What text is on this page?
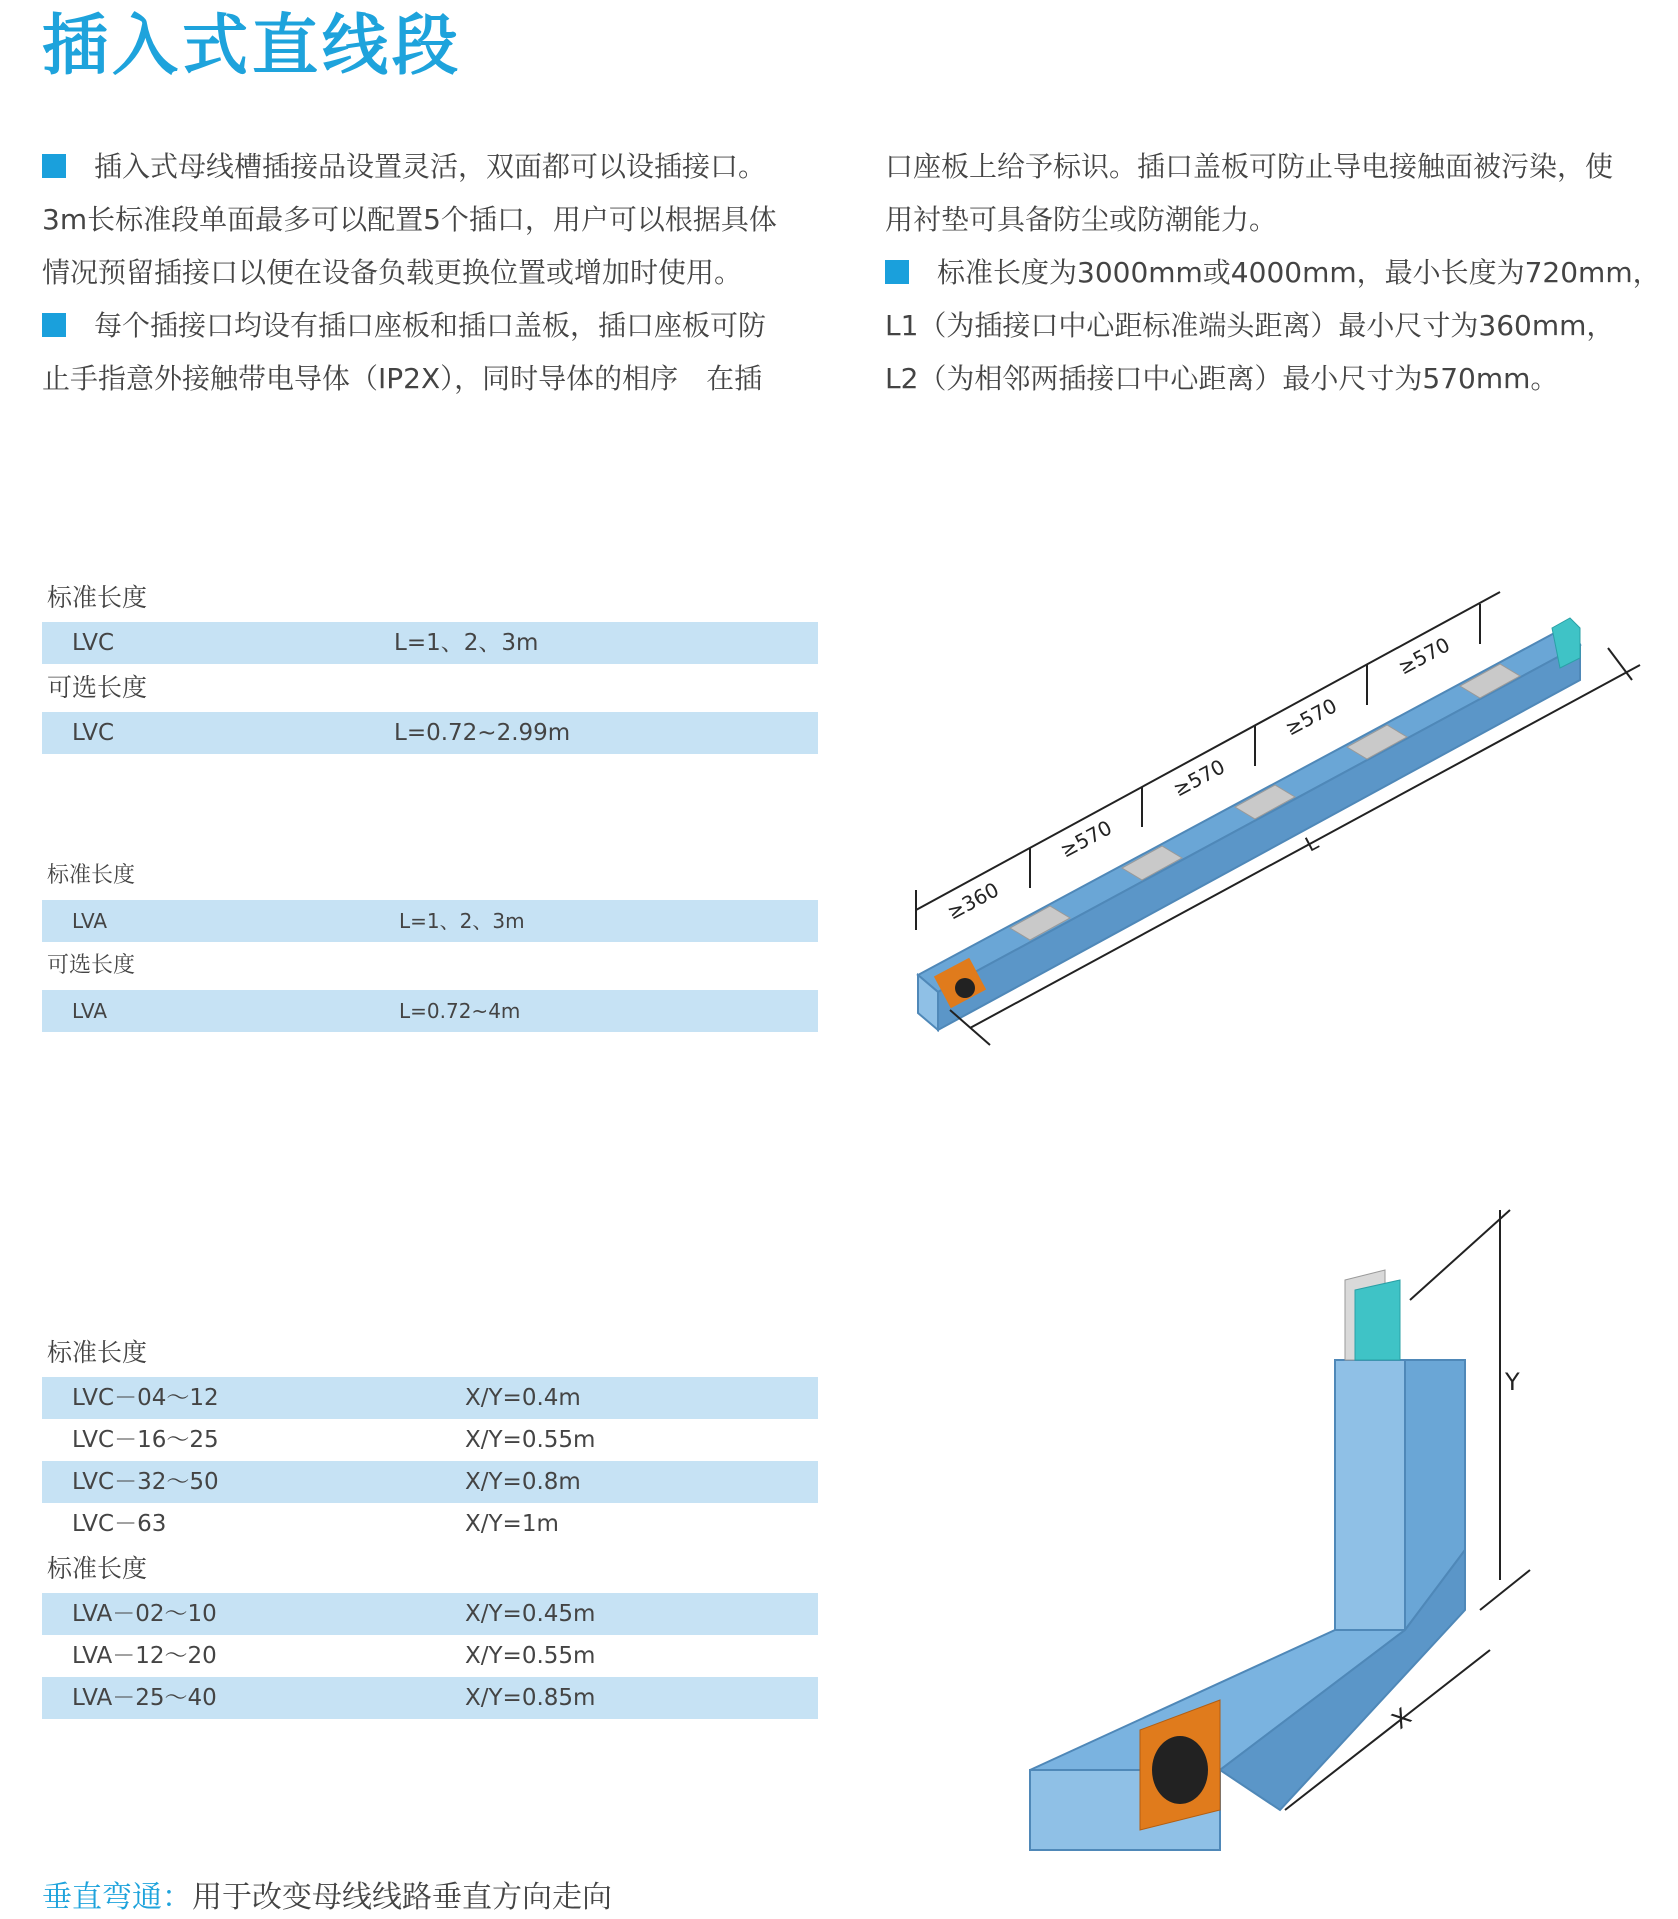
插入式直线段

插入式母线槽插接品设置灵活，双面都可以设插接口。

3m长标准段单面最多可以配置5个插口，用户可以根据具体

情况预留插接口以便在设备负载更换位置或增加时使用。

每个插接口均设有插口座板和插口盖板，插口座板可防

止手指意外接触带电导体（IP2X），同时导体的相序　在插

口座板上给予标识。插口盖板可防止导电接触面被污染，使

用衬垫可具备防尘或防潮能力。

标准长度为3000mm或4000mm，最小长度为720mm，

L1（为插接口中心距标准端头距离）最小尺寸为360mm，

L2（为相邻两插接口中心距离）最小尺寸为570mm。

标准长度
LVC	L=1、2、3m
可选长度
LVC	L=0.72~2.99m
标准长度
LVA	L=1、2、3m
可选长度
LVA	L=0.72~4m
标准长度
LVC－04～12	X/Y=0.4m
LVC－16～25	X/Y=0.55m
LVC－32～50	X/Y=0.8m
LVC－63	X/Y=1m
标准长度
LVA－02～10	X/Y=0.45m
LVA－12～20	X/Y=0.55m
LVA－25～40	X/Y=0.85m
≥360
≥570
≥570
≥570
≥570
L
Y
X
垂直弯通：用于改变母线线路垂直方向走向
